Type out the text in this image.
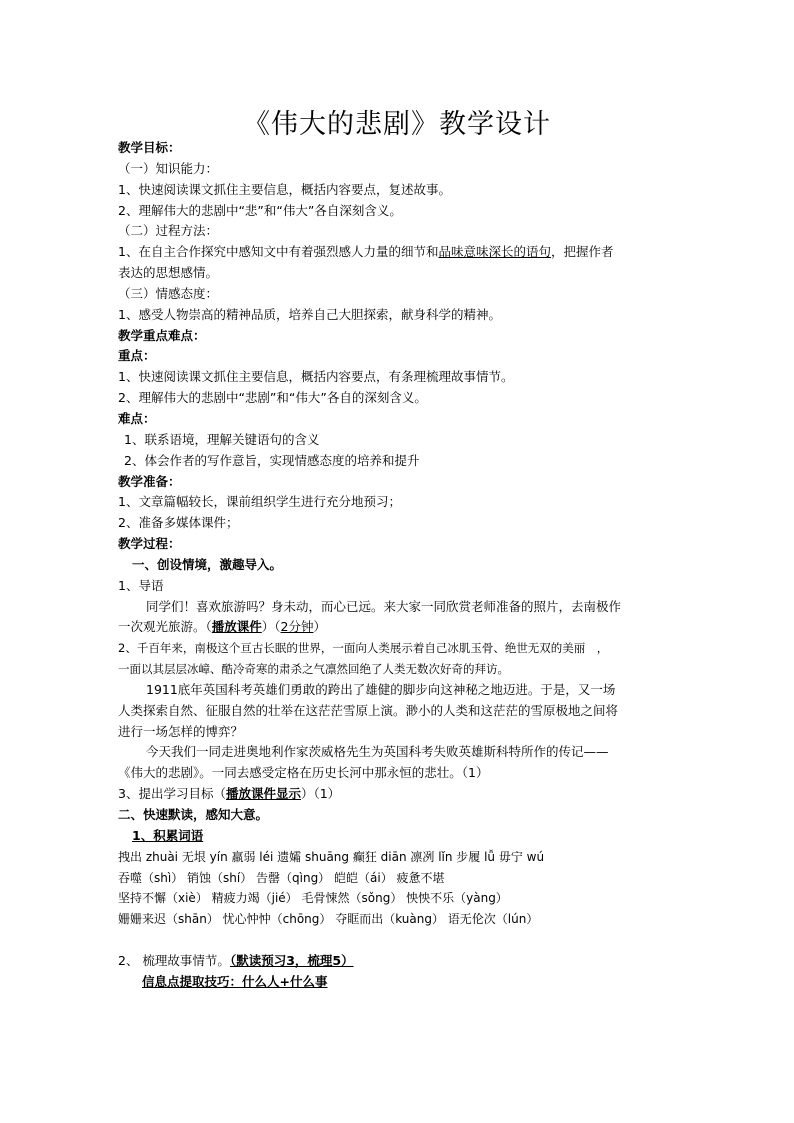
《伟大的悲剧》教学设计
教学目标：
（一）知识能力：
1、快速阅读课文抓住主要信息，概括内容要点，复述故事。
2、理解伟大的悲剧中“悲”和“伟大”各自深刻含义。
（二）过程方法：
1、在自主合作探究中感知文中有着强烈感人力量的细节和品味意味深长的语句，把握作者
表达的思想感情。
（三）情感态度：
1、感受人物崇高的精神品质，培养自己大胆探索，献身科学的精神。
教学重点难点：
重点：
1、快速阅读课文抓住主要信息，概括内容要点，有条理梳理故事情节。
2、理解伟大的悲剧中“悲剧”和“伟大”各自的深刻含义。
难点：
1、联系语境，理解关键语句的含义
2、体会作者的写作意旨，实现情感态度的培养和提升
教学准备：
1、文章篇幅较长，课前组织学生进行充分地预习；
2、准备多媒体课件；
教学过程：
一、创设情境，激趣导入。
1、导语
同学们！喜欢旅游吗？身未动，而心已远。来大家一同欣赏老师准备的照片，去南极作
一次观光旅游。（播放课件）（2分钟）
2、千百年来，南极这个亘古长眠的世界，一面向人类展示着自己冰肌玉骨、绝世无双的美丽　，
一面以其层层冰嶂、酷冷奇寒的肃杀之气凛然回绝了人类无数次好奇的拜访。
1911底年英国科考英雄们勇敢的跨出了雄健的脚步向这神秘之地迈进。于是，又一场
人类探索自然、征服自然的壮举在这茫茫雪原上演。渺小的人类和这茫茫的雪原极地之间将
进行一场怎样的博弈？
今天我们一同走进奥地利作家茨威格先生为英国科考失败英雄斯科特所作的传记——
《伟大的悲剧》。一同去感受定格在历史长河中那永恒的悲壮。（1）
3、提出学习目标（播放课件显示）（1）
二、快速默读，感知大意。
1、积累词语
拽出 zhuài 无垠 yín 羸弱 léi 遗孀 shuāng 癫狂 diān 凛冽 lǐn 步履 lǚ 毋宁 wú
吞噬（shì） 销蚀（shí） 告罄（qìng） 皑皑（ái） 疲惫不堪
坚持不懈（xiè） 精疲力竭（jié） 毛骨悚然（sǒng） 怏怏不乐（yàng）
姗姗来迟（shān） 忧心忡忡（chōng） 夺眶而出（kuàng） 语无伦次（lún）
2、 梳理故事情节。（默读预习3，梳理5）
信息点提取技巧：什么人+什么事
